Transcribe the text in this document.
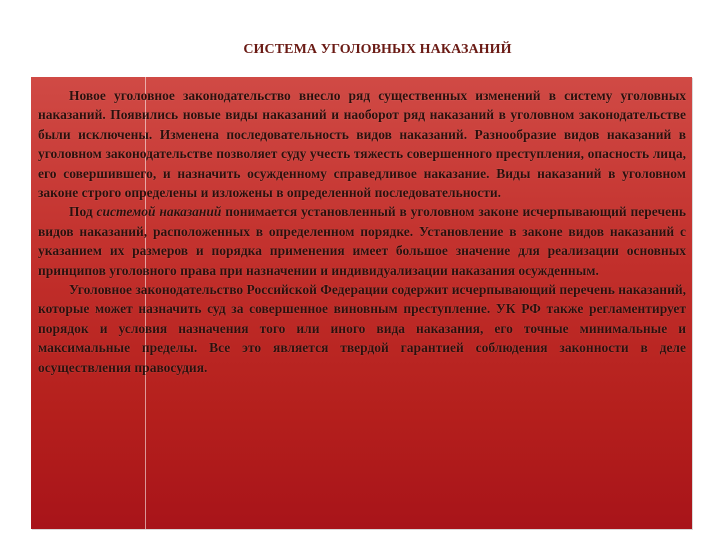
СИСТЕМА УГОЛОВНЫХ НАКАЗАНИЙ

Новое уголовное законодательство внесло ряд существенных изменений в систему уголовных наказаний. Появились новые виды наказаний и наоборот ряд наказаний в уголовном законодательстве были исключены. Изменена последовательность видов наказаний. Разнообразие видов наказаний в уголовном законодательстве позволяет суду учесть тяжесть совершенного преступления, опасность лица, его совершившего, и назначить осужденному справедливое наказание. Виды наказаний в уголовном законе строго определены и изложены в определенной последовательности.

Под системой наказаний понимается установленный в уголовном законе исчерпывающий перечень видов наказаний, расположенных в определенном порядке. Установление в законе видов наказаний с указанием их размеров и порядка применения имеет большое значение для реализации основных принципов уголовного права при назначении и индивидуализации наказания осужденным.

Уголовное законодательство Российской Федерации содержит исчерпывающий перечень наказаний, которые может назначить суд за совершенное виновным преступление. УК РФ также регламентирует порядок и условия назначения того или иного вида наказания, его точные минимальные и максимальные пределы. Все это является твердой гарантией соблюдения законности в деле осуществления правосудия.
